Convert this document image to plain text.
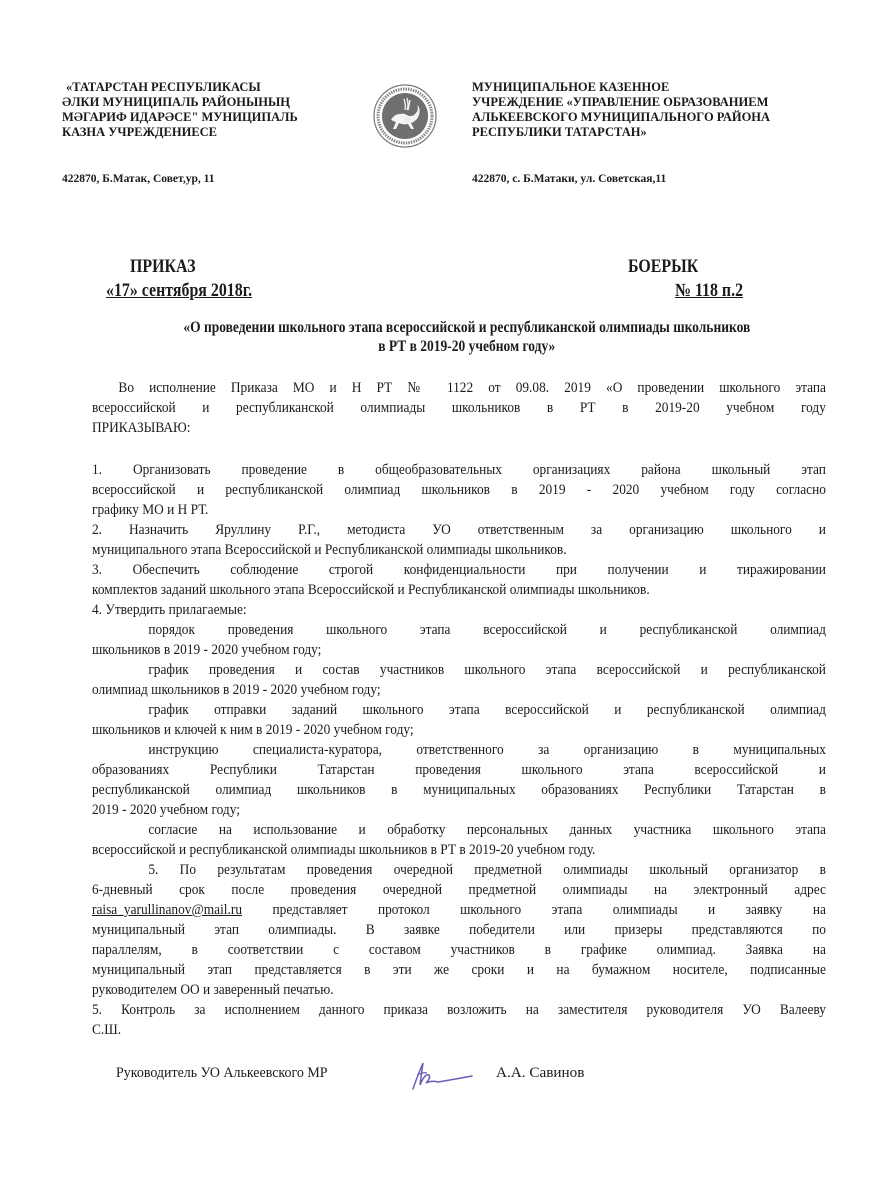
«ТАТАРСТАН РЕСПУБЛИКАСЫ
ӘЛКИ МУНИЦИПАЛЬ РАЙОНЫНЫҢ
МӘГАРИФ ИДАРӘСЕ" МУНИЦИПАЛЬ
КАЗНА УЧРЕЖДЕНИЕСЕ
422870, Б.Матак, Совет,ур, 11
МУНИЦИПАЛЬНОЕ КАЗЕННОЕ
УЧРЕЖДЕНИЕ «УПРАВЛЕНИЕ ОБРАЗОВАНИЕМ
АЛЬКЕЕВСКОГО МУНИЦИПАЛЬНОГО РАЙОНА
РЕСПУБЛИКИ ТАТАРСТАН»
422870, с. Б.Матаки, ул. Советская,11
ПРИКАЗ
«17» сентября 2018г.
БОЕРЫК
№ 118 п.2
«О проведении школьного этапа всероссийской и республиканской олимпиады школьников
в РТ в 2019-20 учебном году»
Во исполнение Приказа МО и Н РТ № 1122 от 09.08. 2019 «О проведении школьного этапа
всероссийской и республиканской олимпиады школьников в РТ в 2019-20 учебном году
ПРИКАЗЫВАЮ:
1. Организовать проведение в общеобразовательных организациях района школьный этап
всероссийской и республиканской олимпиад школьников в 2019 - 2020 учебном году согласно
графику МО и Н РТ.
2. Назначить Яруллину Р.Г., методиста УО ответственным за организацию школьного и
муниципального этапа Всероссийской и Республиканской олимпиады школьников.
3. Обеспечить соблюдение строгой конфиденциальности при получении и тиражировании
комплектов заданий школьного этапа Всероссийской и Республиканской олимпиады школьников.
4. Утвердить прилагаемые:
порядок проведения школьного этапа всероссийской и республиканской олимпиад
школьников в 2019 - 2020 учебном году;
график проведения и состав участников школьного этапа всероссийской и республиканской
олимпиад школьников в 2019 - 2020 учебном году;
график отправки заданий школьного этапа всероссийской и республиканской олимпиад
школьников и ключей к ним в 2019 - 2020 учебном году;
инструкцию специалиста-куратора, ответственного за организацию в муниципальных
образованиях Республики Татарстан проведения школьного этапа всероссийской и
республиканской олимпиад школьников в муниципальных образованиях Республики Татарстан в
2019 - 2020 учебном году;
согласие на использование и обработку персональных данных участника школьного этапа
всероссийской и республиканской олимпиады школьников в РТ в 2019-20 учебном году.
5. По результатам проведения очередной предметной олимпиады школьный организатор в
6-дневный срок после проведения очередной предметной олимпиады на электронный адрес
raisa_yarullinanov@mail.ru представляет протокол школьного этапа олимпиады и заявку на
муниципальный этап олимпиады. В заявке победители или призеры представляются по
параллелям, в соответствии с составом участников в графике олимпиад. Заявка на
муниципальный этап представляется в эти же сроки и на бумажном носителе, подписанные
руководителем ОО и заверенный печатью.
5. Контроль за исполнением данного приказа возложить на заместителя руководителя УО Валееву
С.Ш.
Руководитель УО Алькеевского МР	А.А. Савинов
